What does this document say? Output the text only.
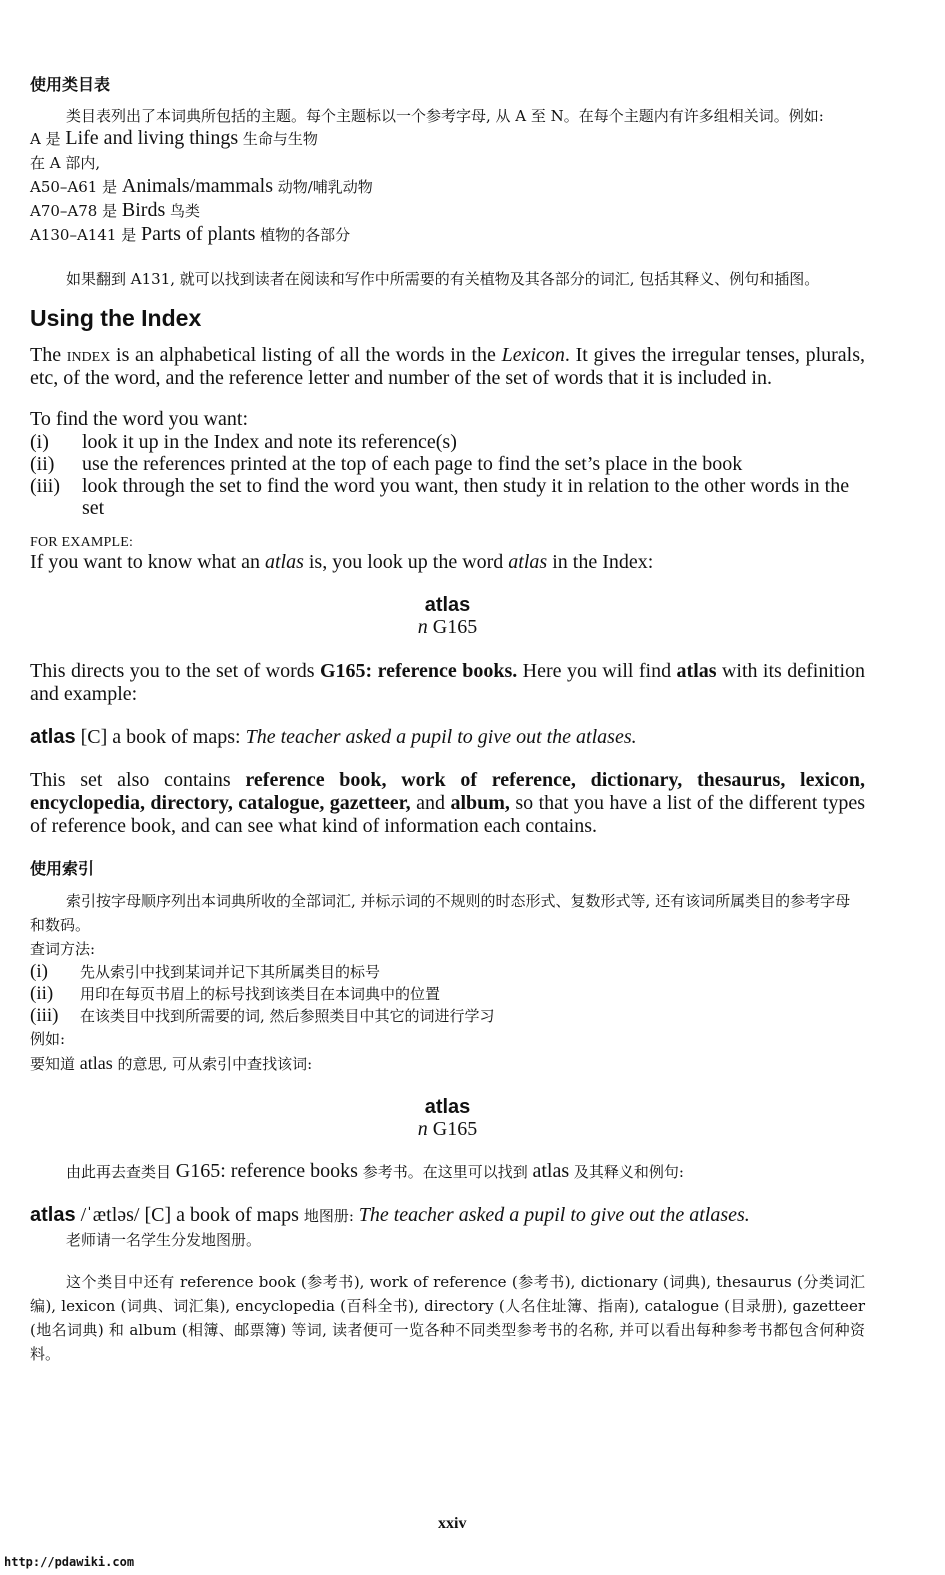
使用类目表

类目表列出了本词典所包括的主题。每个主题标以一个参考字母, 从 A 至 N。在每个主题内有许多组相关词。例如:

A 是 Life and living things 生命与生物

在 A 部内,

A50–A61 是 Animals/mammals 动物/哺乳动物

A70–A78 是 Birds 鸟类

A130–A141 是 Parts of plants 植物的各部分

如果翻到 A131, 就可以找到读者在阅读和写作中所需要的有关植物及其各部分的词汇, 包括其释义、例句和插图。

Using the Index

The index is an alphabetical listing of all the words in the Lexicon. It gives the irregular tenses, plurals, etc, of the word, and the reference letter and number of the set of words that it is included in.

To find the word you want:

(i)	look it up in the Index and note its reference(s)
(ii)	use the references printed at the top of each page to find the set’s place in the book
(iii)	look through the set to find the word you want, then study it in relation to the other words in the set

FOR EXAMPLE:

If you want to know what an atlas is, you look up the word atlas in the Index:

atlas
n G165

This directs you to the set of words G165: reference books. Here you will find atlas with its definition and example:

atlas [C] a book of maps: The teacher asked a pupil to give out the atlases.

This set also contains reference book, work of reference, dictionary, thesaurus, lexicon, encyclopedia, directory, catalogue, gazetteer, and album, so that you have a list of the different types of reference book, and can see what kind of information each contains.

使用索引

索引按字母顺序列出本词典所收的全部词汇, 并标示词的不规则的时态形式、复数形式等, 还有该词所属类目的参考字母和数码。

查词方法:

(i)	先从索引中找到某词并记下其所属类目的标号
(ii)	用印在每页书眉上的标号找到该类目在本词典中的位置
(iii)	在该类目中找到所需要的词, 然后参照类目中其它的词进行学习

例如:

要知道 atlas 的意思, 可从索引中查找该词:

atlas
n G165

由此再去查类目 G165: reference books 参考书。在这里可以找到 atlas 及其释义和例句:

atlas /ˈætləs/ [C] a book of maps 地图册: The teacher asked a pupil to give out the atlases.

老师请一名学生分发地图册。

这个类目中还有 reference book (参考书), work of reference (参考书), dictionary (词典), thesaurus (分类词汇编), lexicon (词典、词汇集), encyclopedia (百科全书), directory (人名住址簿、指南), catalogue (目录册), gazetteer (地名词典) 和 album (相簿、邮票簿) 等词, 读者便可一览各种不同类型参考书的名称, 并可以看出每种参考书都包含何种资料。

xxiv
http://pdawiki.com
